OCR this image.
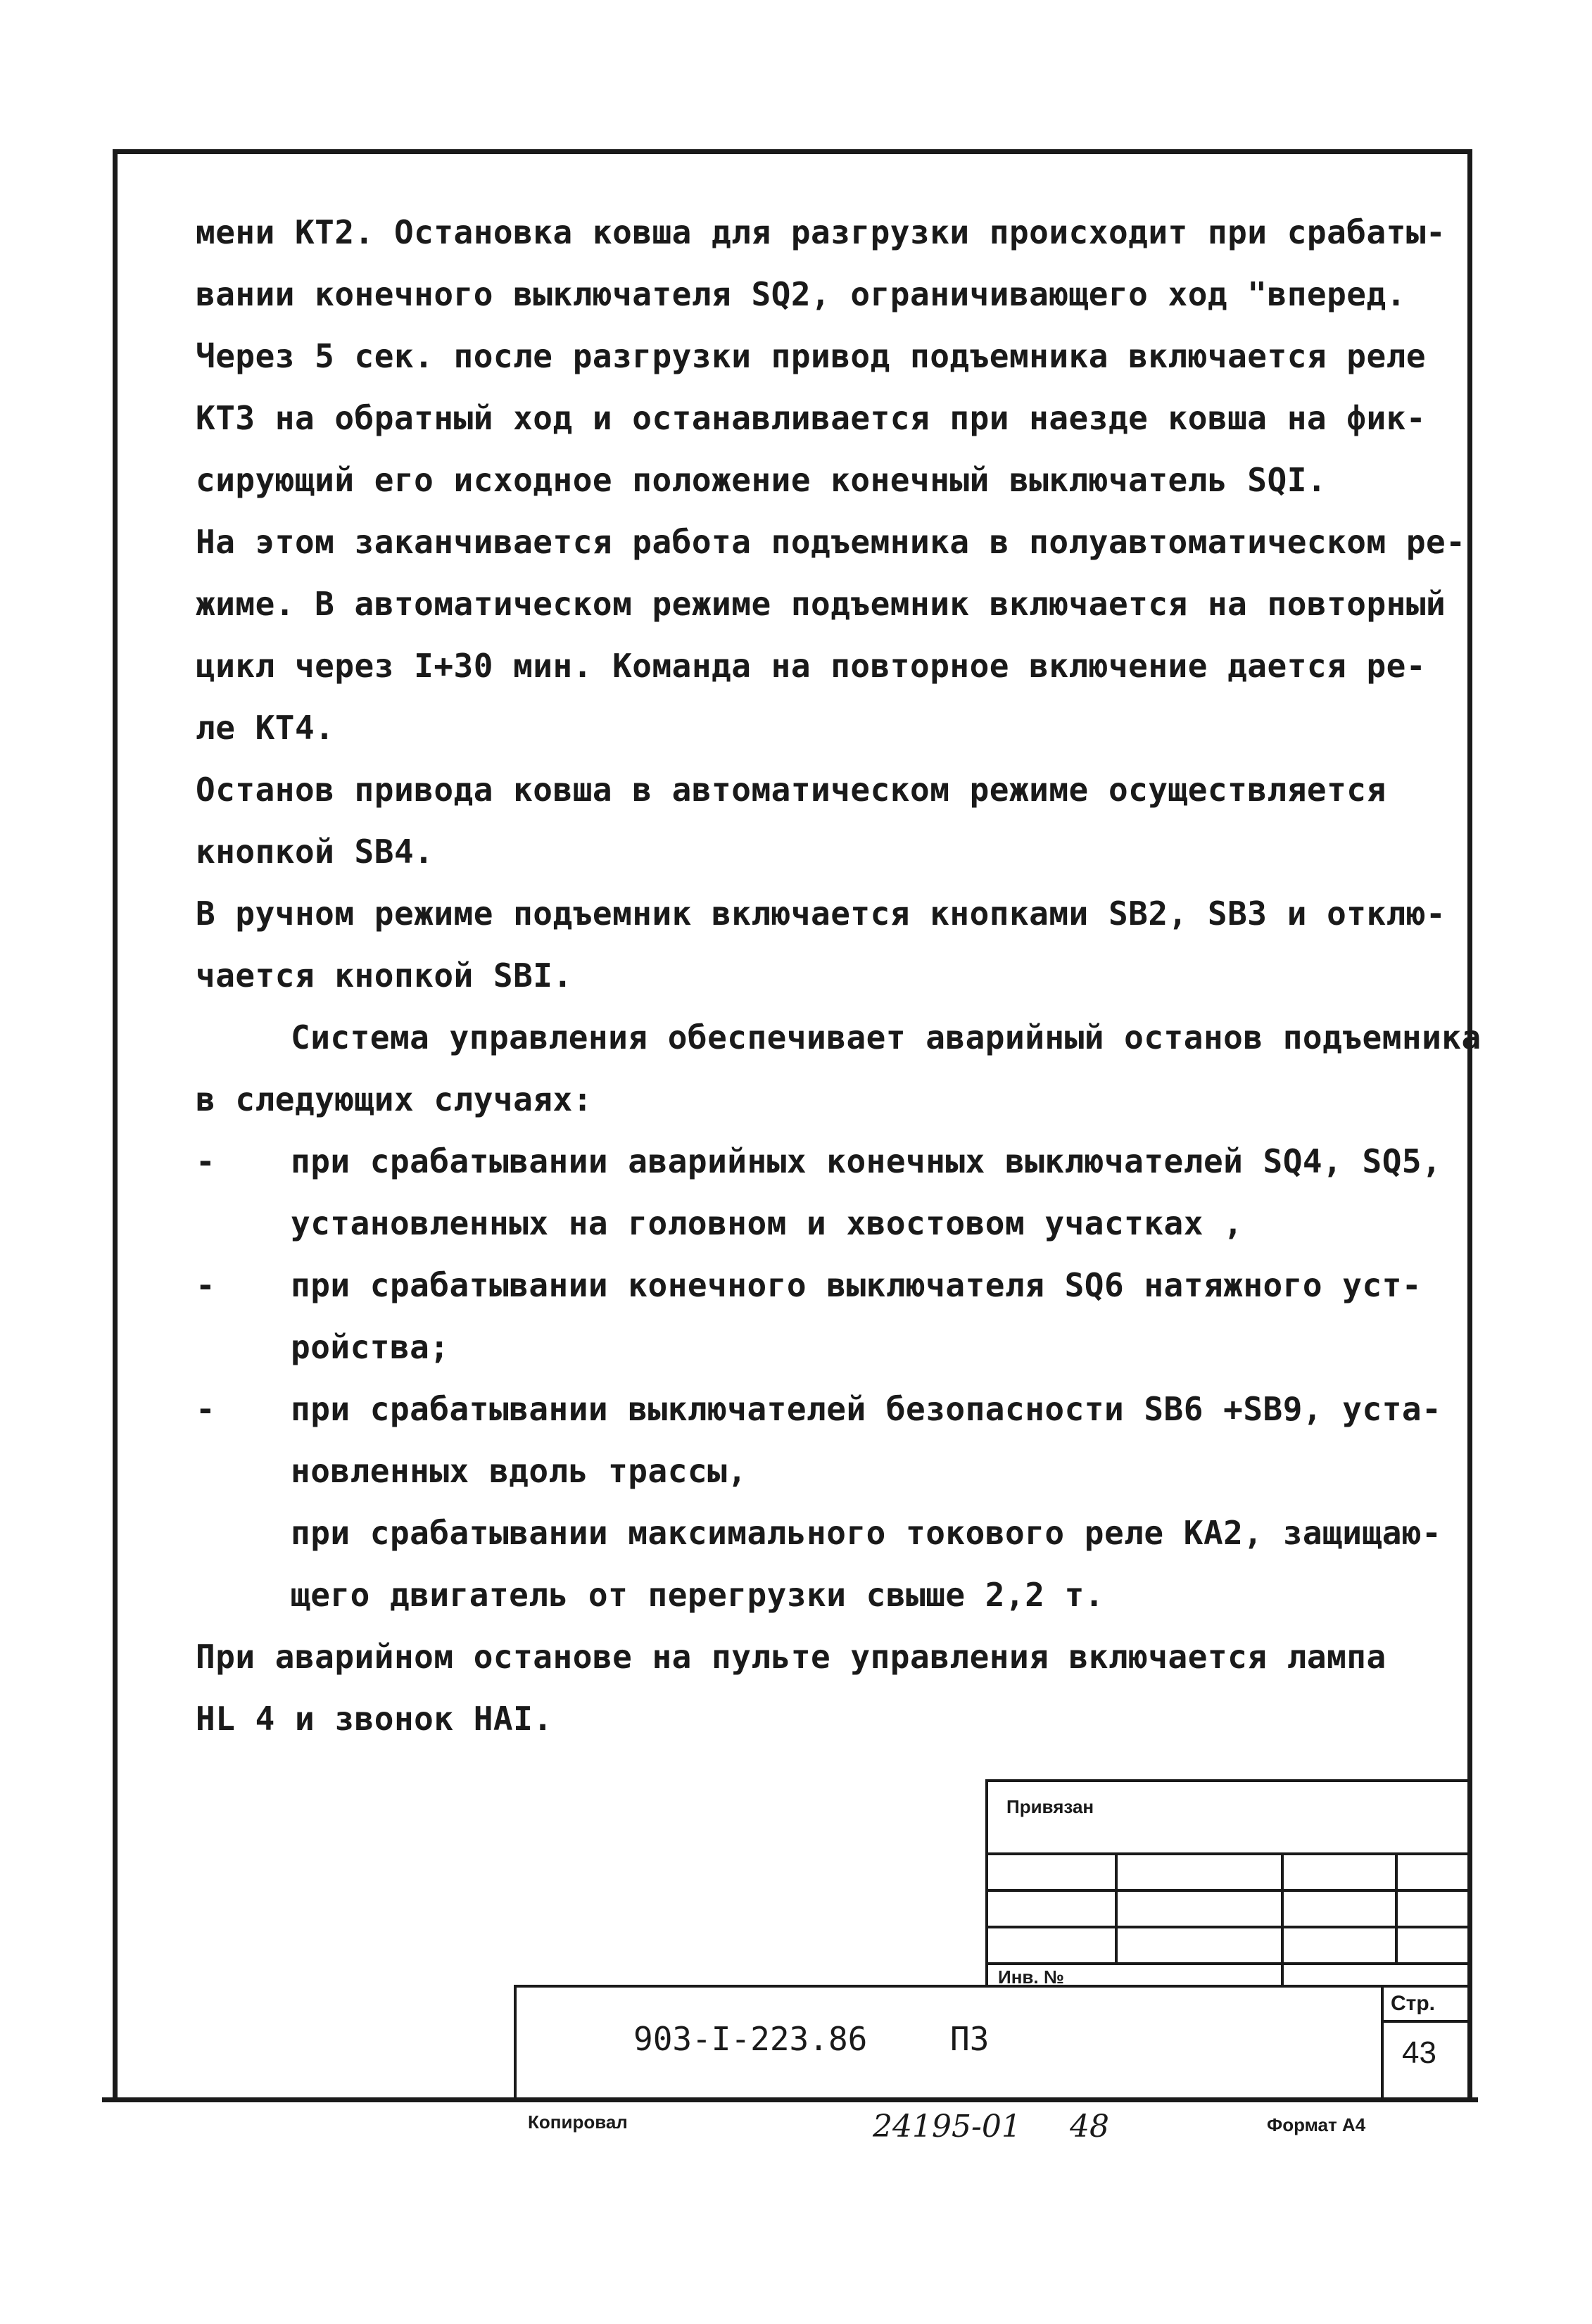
мени КТ2. Остановка ковша для разгрузки происходит при срабаты-
вании конечного выключателя SQ2, ограничивающего ход "вперед.
Через 5 сек. после разгрузки привод подъемника включается реле
КТЗ на обратный ход и останавливается при наезде ковша на фик-
сирующий его исходное положение конечный выключатель SQI.
На этом заканчивается работа подъемника в полуавтоматическом ре-
жиме. В автоматическом режиме подъемник включается на повторный
цикл через I+30 мин. Команда на повторное включение дается ре-
ле КТ4.
Останов привода ковша в автоматическом режиме осуществляется
кнопкой SB4.
В ручном режиме подъемник включается кнопками SB2, SB3 и отклю-
чается кнопкой SBI.
Система управления обеспечивает аварийный останов подъемника
в следующих случаях:
- при срабатывании аварийных конечных выключателей SQ4, SQ5,
установленных на головном и хвостовом участках ,
- при срабатывании конечного выключателя SQ6 натяжного уст-
ройства;
- при срабатывании выключателей безопасности SB6 +SB9, уста-
новленных вдоль трассы,
при срабатывании максимального токового реле КА2, защищаю-
щего двигатель от перегрузки свыше 2,2 т.
При аварийном останове на пульте управления включается лампа
HL 4 и звонок HAI.
Привязан
Инв. №
903-I-223.86	ПЗ
Стр.
43
Копировал	24195-01 48	Формат А4
